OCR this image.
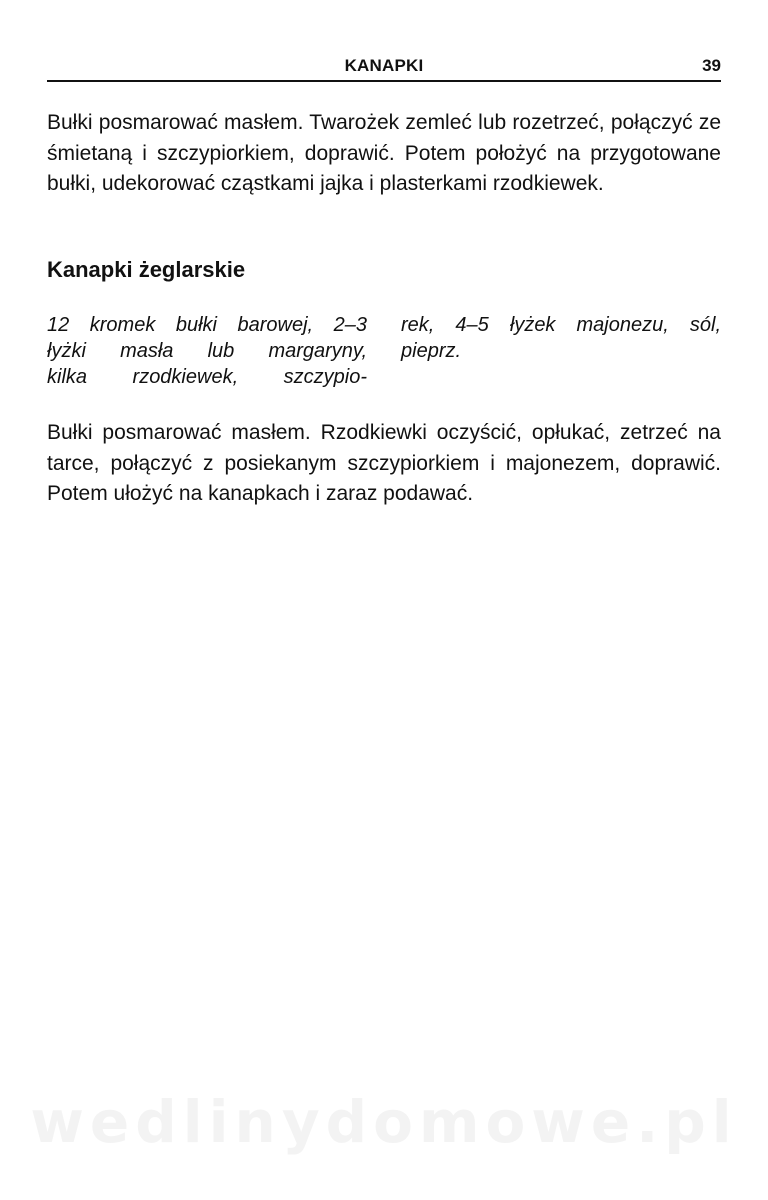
KANAPKI	39

Bułki posmarować masłem. Twarożek zemleć lub rozetrzeć, połączyć ze śmietaną i szczypiorkiem, doprawić. Potem położyć na przygotowane bułki, udekorować cząstkami jajka i plasterkami rzodkiewek.

Kanapki żeglarskie
12 kromek bułki barowej, 2–3
łyżki masła lub margaryny,
kilka rzodkiewek, szczypio-
rek, 4–5 łyżek majonezu, sól,
pieprz.

Bułki posmarować masłem. Rzodkiewki oczyścić, opłukać, zetrzeć na tarce, połączyć z posiekanym szczypiorkiem i majonezem, doprawić. Potem ułożyć na kanapkach i zaraz podawać.

wedlinydomowe.pl
